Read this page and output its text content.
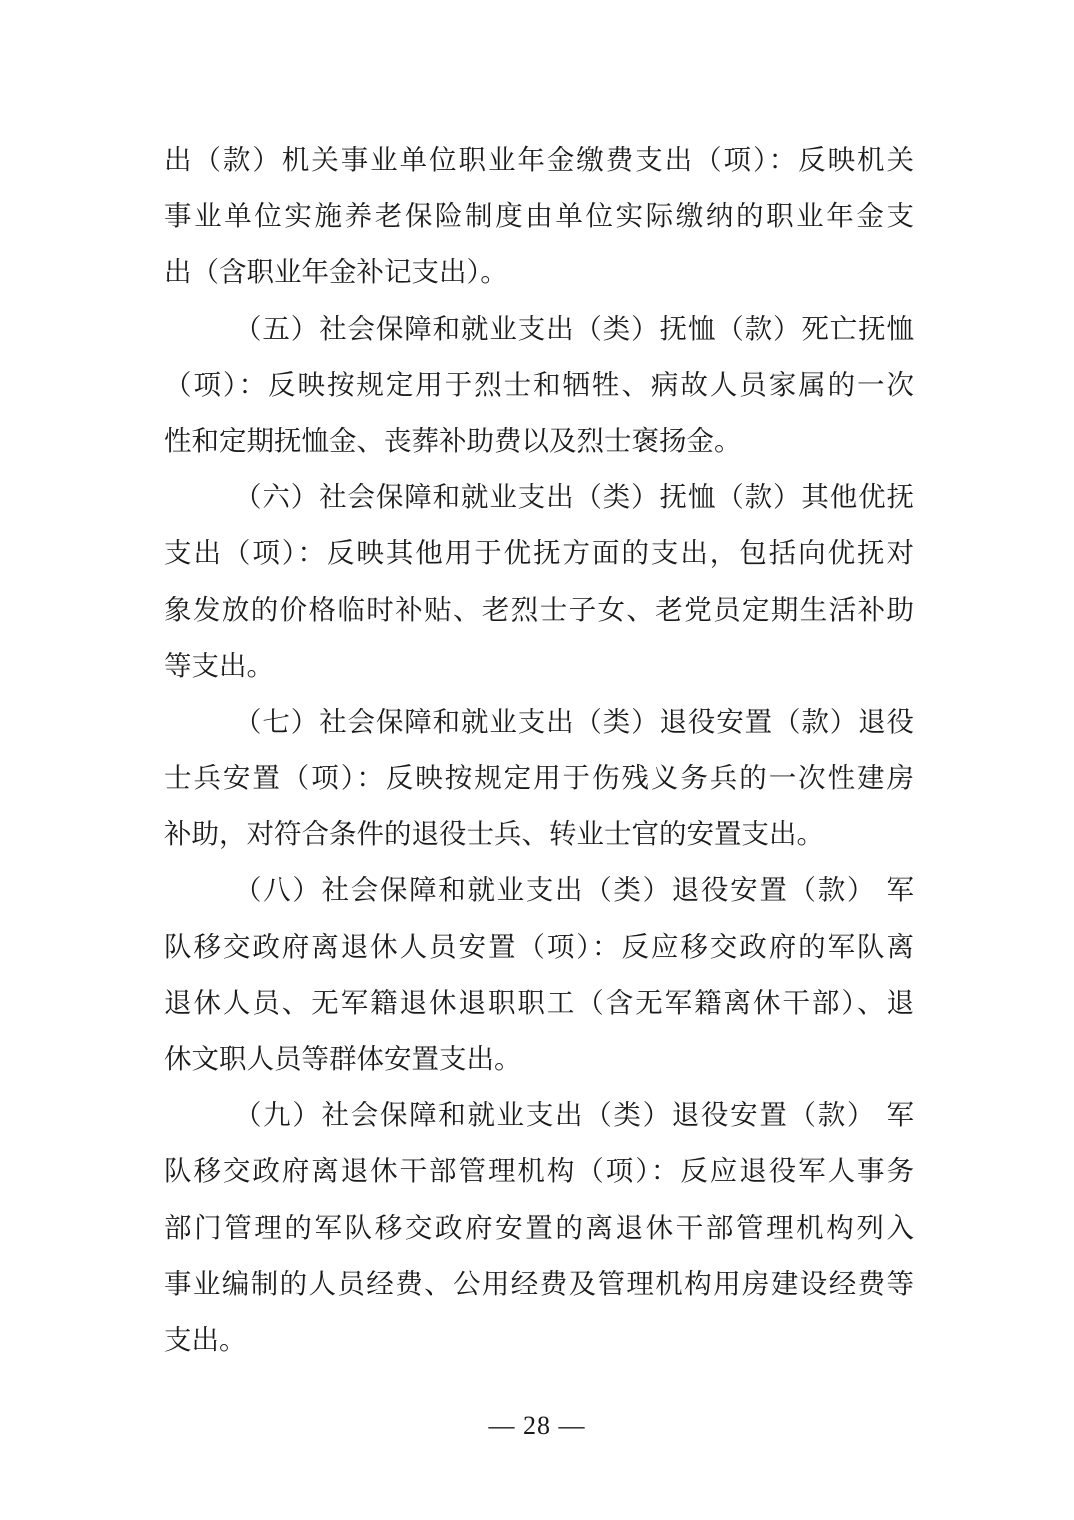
出（款）机关事业单位职业年金缴费支出（项）：反映机关
事业单位实施养老保险制度由单位实际缴纳的职业年金支
出（含职业年金补记支出）。
（五）社会保障和就业支出（类）抚恤（款）死亡抚恤
（项）：反映按规定用于烈士和牺牲、病故人员家属的一次
性和定期抚恤金、丧葬补助费以及烈士褒扬金。
（六）社会保障和就业支出（类）抚恤（款）其他优抚
支出（项）：反映其他用于优抚方面的支出，包括向优抚对
象发放的价格临时补贴、老烈士子女、老党员定期生活补助
等支出。
（七）社会保障和就业支出（类）退役安置（款）退役
士兵安置（项）：反映按规定用于伤残义务兵的一次性建房
补助，对符合条件的退役士兵、转业士官的安置支出。
（八）社会保障和就业支出（类）退役安置（款） 军
队移交政府离退休人员安置（项）：反应移交政府的军队离
退休人员、无军籍退休退职职工（含无军籍离休干部）、退
休文职人员等群体安置支出。
（九）社会保障和就业支出（类）退役安置（款） 军
队移交政府离退休干部管理机构（项）：反应退役军人事务
部门管理的军队移交政府安置的离退休干部管理机构列入
事业编制的人员经费、公用经费及管理机构用房建设经费等
支出。
— 28 —
